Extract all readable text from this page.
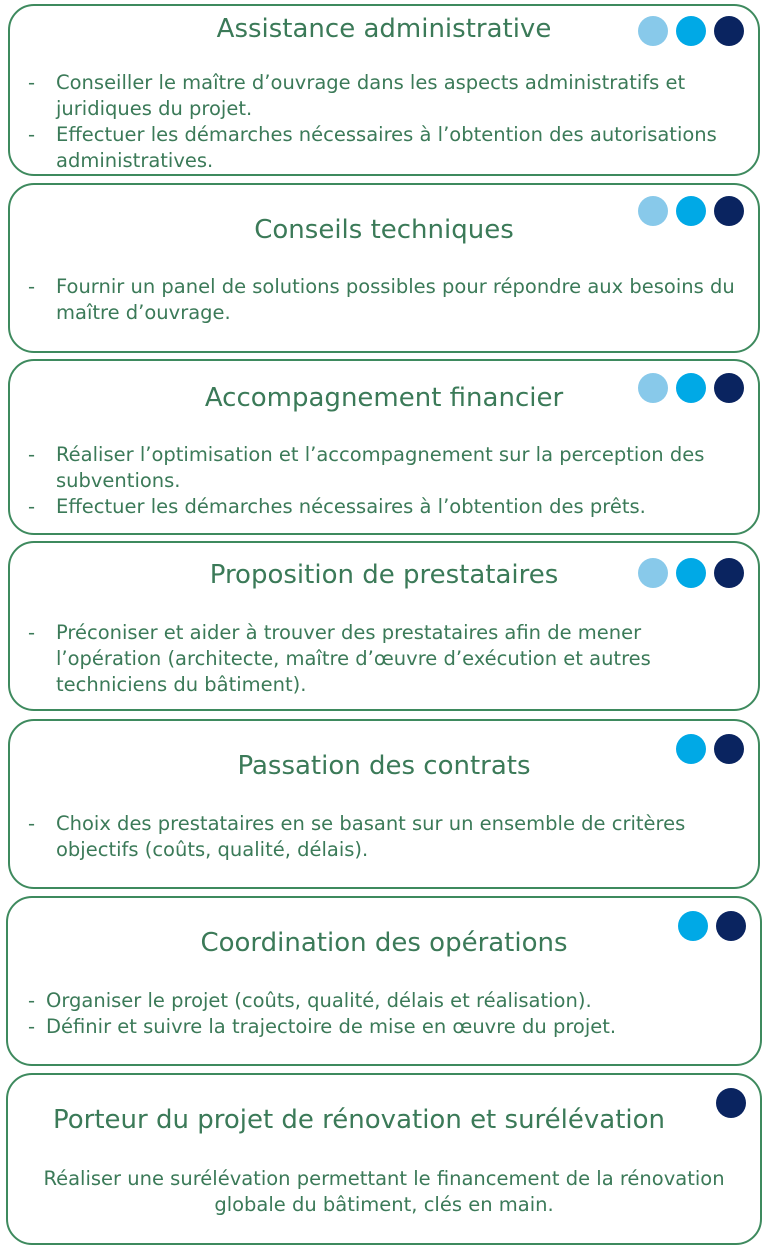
Assistance administrative
- Conseiller le maître d’ouvrage dans les aspects administratifs et juridiques du projet.
- Effectuer les démarches nécessaires à l’obtention des autorisations administratives.
Conseils techniques
- Fournir un panel de solutions possibles pour répondre aux besoins du maître d’ouvrage.
Accompagnement financier
- Réaliser l’optimisation et l’accompagnement sur la perception des subventions.
- Effectuer les démarches nécessaires à l’obtention des prêts.
Proposition de prestataires
- Préconiser et aider à trouver des prestataires afin de mener l’opération (architecte, maître d’œuvre d’exécution et autres techniciens du bâtiment).
Passation des contrats
- Choix des prestataires en se basant sur un ensemble de critères objectifs (coûts, qualité, délais).
Coordination des opérations
- Organiser le projet (coûts, qualité, délais et réalisation).
- Définir et suivre la trajectoire de mise en œuvre du projet.
Porteur du projet de rénovation et surélévation
Réaliser une surélévation permettant le financement de la rénovation globale du bâtiment, clés en main.
